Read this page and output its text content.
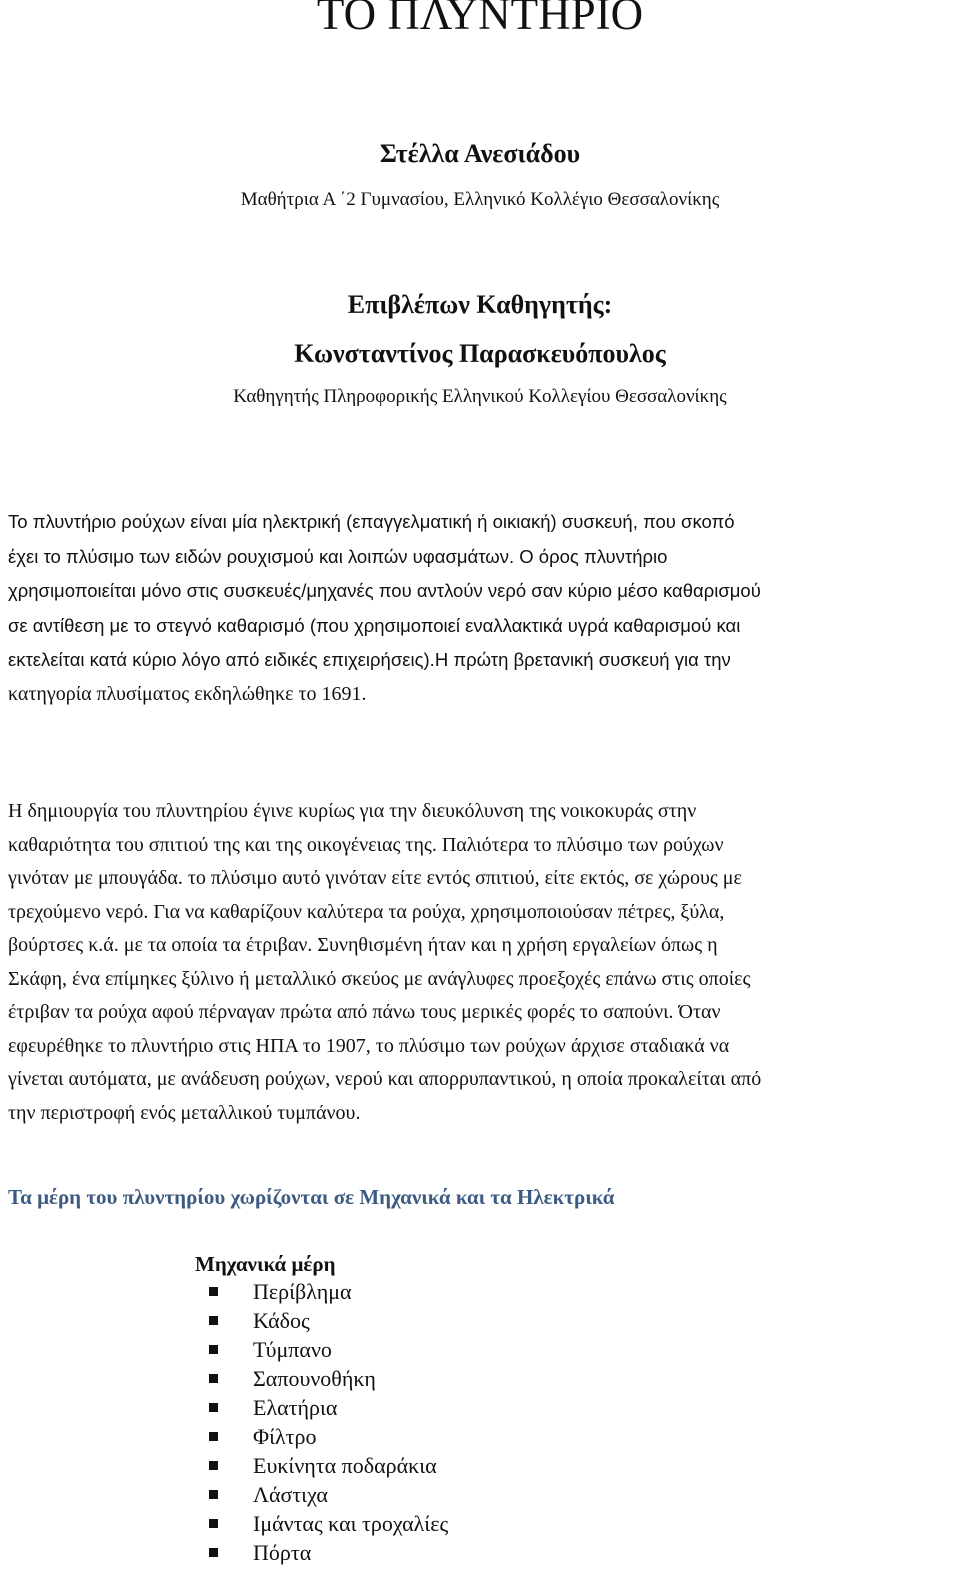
ΤΟ ΠΛΥΝΤΗΡΙΟ
Στέλλα Ανεσιάδου

Μαθήτρια Α ΄2 Γυμνασίου, Ελληνικό Κολλέγιο Θεσσαλονίκης

Επιβλέπων Καθηγητής:
Κωνσταντίνος Παρασκευόπουλος

Καθηγητής Πληροφορικής Ελληνικού Κολλεγίου Θεσσαλονίκης

Το πλυντήριο ρούχων είναι μία ηλεκτρική (επαγγελματική ή οικιακή) συσκευή, που σκοπό
έχει το πλύσιμο των ειδών ρουχισμού και λοιπών υφασμάτων. Ο όρος πλυντήριο
χρησιμοποιείται μόνο στις συσκευές/μηχανές που αντλούν νερό σαν κύριο μέσο καθαρισμού
σε αντίθεση με το στεγνό καθαρισμό (που χρησιμοποιεί εναλλακτικά υγρά καθαρισμού και
εκτελείται κατά κύριο λόγο από ειδικές επιχειρήσεις).Η πρώτη βρετανική συσκευή για την
κατηγορία πλυσίματος εκδηλώθηκε το 1691.
Η δημιουργία του πλυντηρίου έγινε κυρίως για την διευκόλυνση της νοικοκυράς στην
καθαριότητα του σπιτιού της και της οικογένειας της. Παλιότερα το πλύσιμο των ρούχων
γινόταν με μπουγάδα. το πλύσιμο αυτό γινόταν είτε εντός σπιτιού, είτε εκτός, σε χώρους με
τρεχούμενο νερό. Για να καθαρίζουν καλύτερα τα ρούχα, χρησιμοποιούσαν πέτρες, ξύλα,
βούρτσες κ.ά. με τα οποία τα έτριβαν. Συνηθισμένη ήταν και η χρήση εργαλείων όπως η
Σκάφη, ένα επίμηκες ξύλινο ή μεταλλικό σκεύος με ανάγλυφες προεξοχές επάνω στις οποίες
έτριβαν τα ρούχα αφού πέρναγαν πρώτα από πάνω τους μερικές φορές το σαπούνι. Όταν
εφευρέθηκε το πλυντήριο στις ΗΠΑ το 1907, το πλύσιμο των ρούχων άρχισε σταδιακά να
γίνεται αυτόματα, με ανάδευση ρούχων, νερού και απορρυπαντικού, η οποία προκαλείται από
την περιστροφή ενός μεταλλικού τυμπάνου.
Τα μέρη του πλυντηρίου χωρίζονται σε Μηχανικά και τα Ηλεκτρικά
Μηχανικά μέρη
Περίβλημα
Κάδος
Τύμπανο
Σαπουνοθήκη
Ελατήρια
Φίλτρο
Ευκίνητα ποδαράκια
Λάστιχα
Ιμάντας και τροχαλίες
Πόρτα
